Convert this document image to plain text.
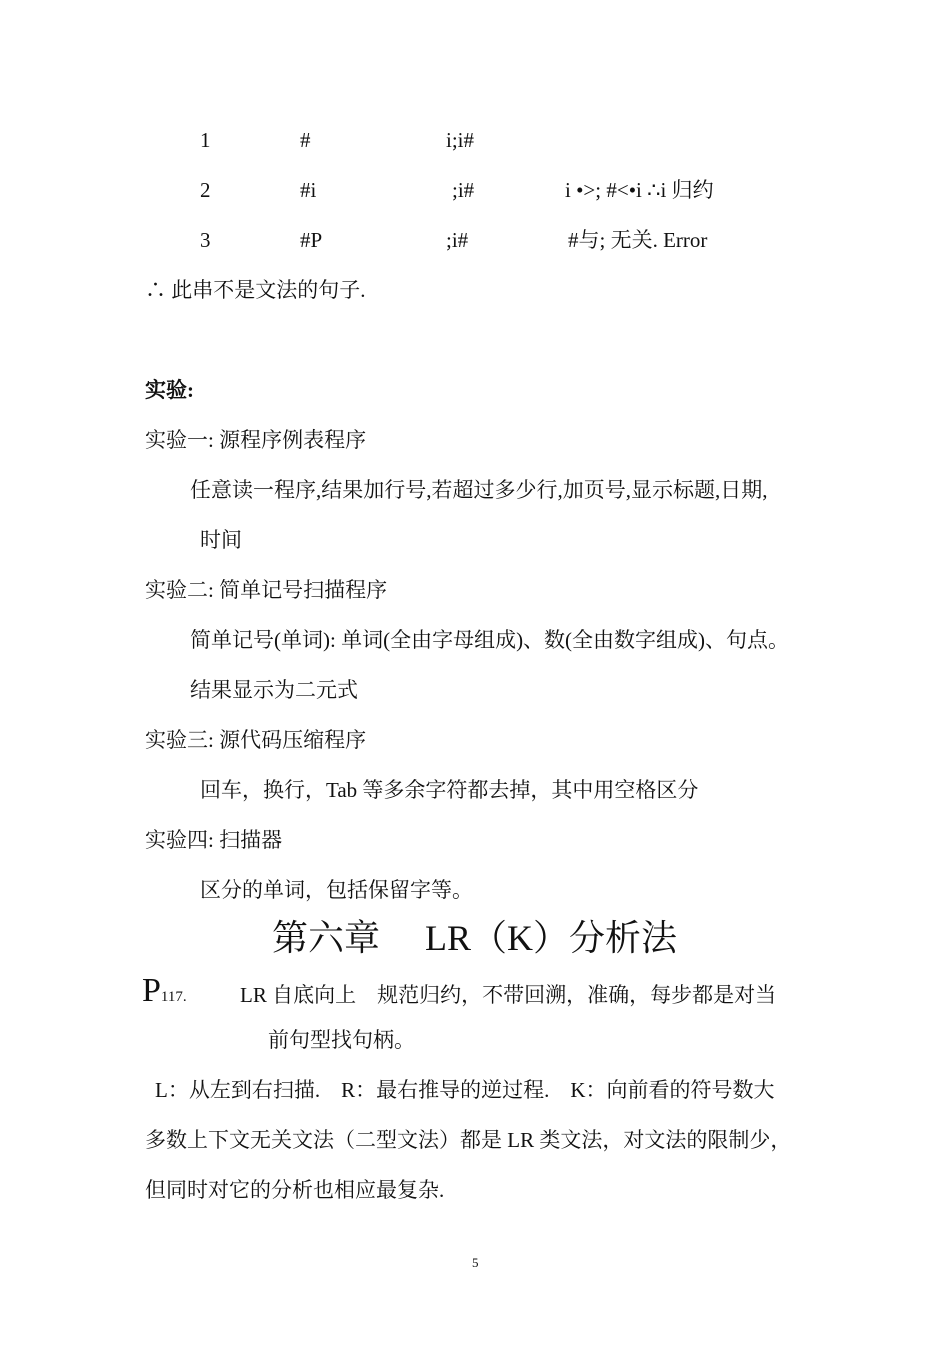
1	#	i;i#
2	#i	;i#	i •>; #<•i ∴i 归约
3	#P	;i#	#与; 无关. Error
∴ 此串不是文法的句子.
实验:
实验一: 源程序例表程序
任意读一程序,结果加行号,若超过多少行,加页号,显示标题,日期,
时间
实验二: 简单记号扫描程序
简单记号(单词): 单词(全由字母组成)、数(全由数字组成)、句点。
结果显示为二元式
实验三: 源代码压缩程序
回车，换行，Tab 等多余字符都去掉，其中用空格区分
实验四: 扫描器
区分的单词，包括保留字等。
第六章　 LR（K）分析法
P117.	LR 自底向上　规范归约，不带回溯，准确，每步都是对当
前句型找句柄。
L：从左到右扫描.　R：最右推导的逆过程.　K：向前看的符号数大
多数上下文无关文法（二型文法）都是 LR 类文法，对文法的限制少，
但同时对它的分析也相应最复杂.
5
